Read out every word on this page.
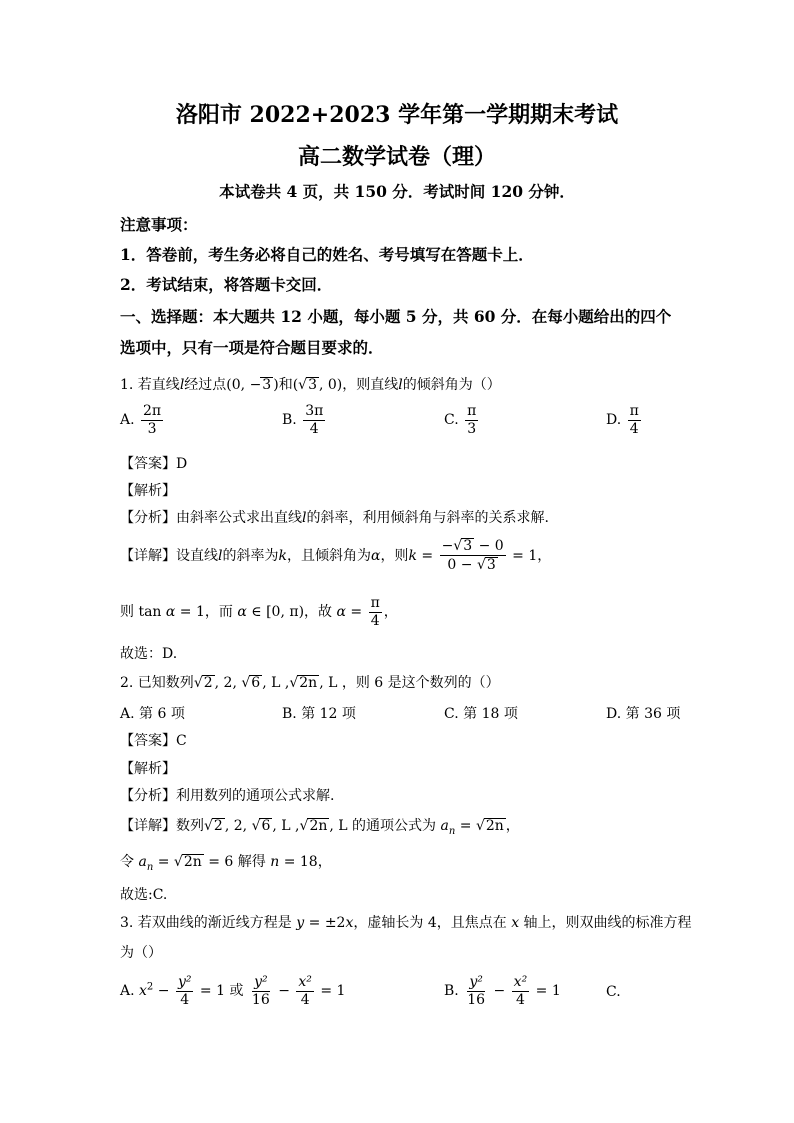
洛阳市 2022+2023 学年第一学期期末考试
高二数学试卷（理）
本试卷共 4 页，共 150 分．考试时间 120 分钟．
注意事项：
1．答卷前，考生务必将自己的姓名、考号填写在答题卡上．
2．考试结束，将答题卡交回．
一、选择题：本大题共 12 小题，每小题 5 分，共 60 分．在每小题给出的四个
选项中，只有一项是符合题目要求的．
1. 若直线l经过点(0, −3 )和(√3 , 0)，则直线l的倾斜角为（）
A. $\frac{2\pi}{3}$	B. $\frac{3\pi}{4}$	C. $\frac{\pi}{3}$	D. $\frac{\pi}{4}$
【答案】D
【解析】
【分析】由斜率公式求出直线l的斜率，利用倾斜角与斜率的关系求解.
【详解】设直线l的斜率为k，且倾斜角为α，则$k = \frac{-√3 - 0}{0 - √3} = 1$，
则 tan α = 1，而 α ∈ [0, π)，故 $\alpha = \frac{\pi}{4}$ ，
故选：D.
2. 已知数列√2 , 2, √6 , L ,√2n , L ，则 6 是这个数列的（）
A. 第 6 项	B. 第 12 项	C. 第 18 项	D. 第 36 项
【答案】C
【解析】
【分析】利用数列的通项公式求解.
【详解】数列√2 , 2, √6 , L ,√2n , L 的通项公式为 $a_n = √2n$ ，
令 $a_n = √2n = 6$ 解得 n = 18，
故选:C.
3. 若双曲线的渐近线方程是 y = ±2x，虚轴长为 4，且焦点在 x 轴上，则双曲线的标准方程
为（）
A. $x^2 - \frac{\text{y²}}{4} = 1$ 或 $\frac{\text{y²}}{16} - \frac{\text{x²}}{4} = 1$	B. $\frac{\text{y²}}{16} - \frac{\text{x²}}{4} = 1$	C.
